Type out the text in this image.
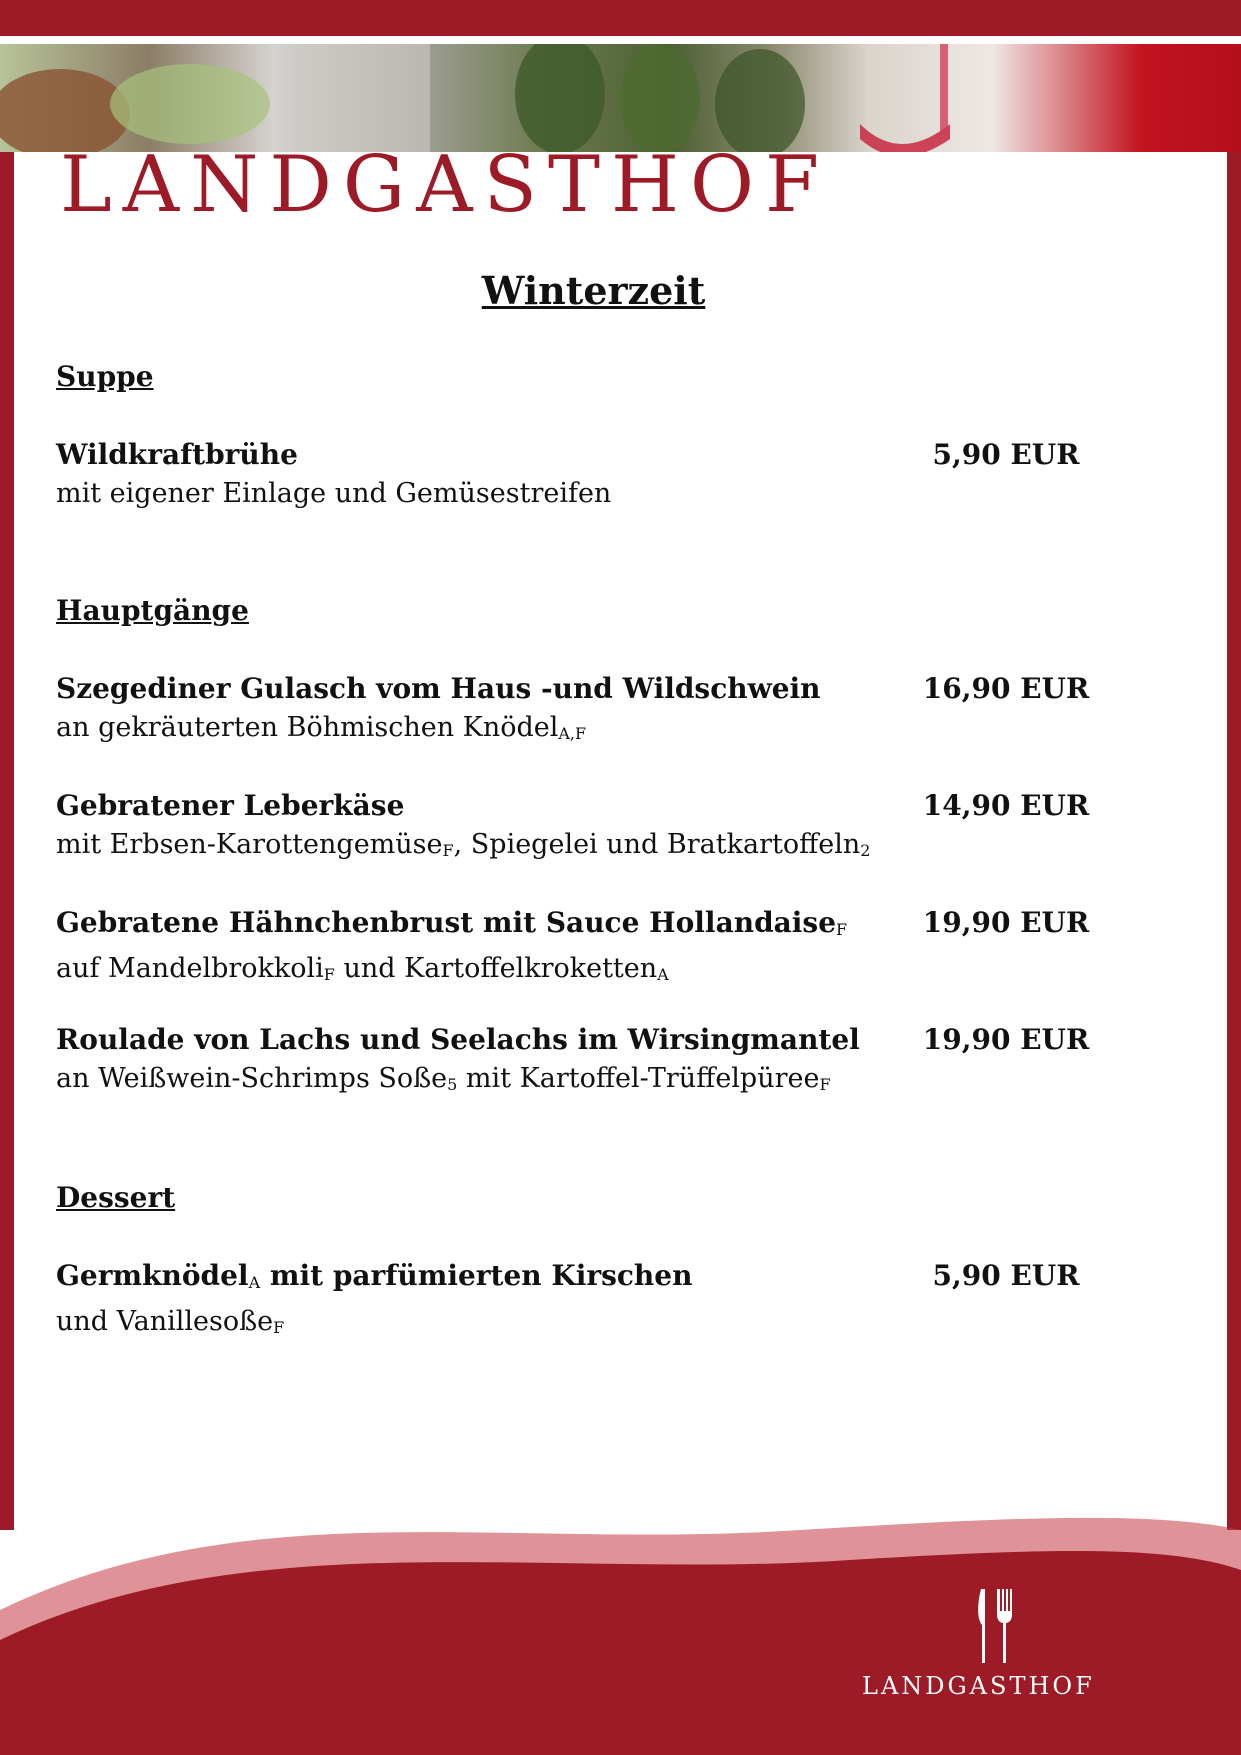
LANDGASTHOF
Winterzeit
Suppe
Wildkraftbrühe
mit eigener Einlage und Gemüsestreifen
5,90 EUR
Hauptgänge
Szegediner Gulasch vom Haus -und Wildschwein
an gekräuterten Böhmischen Knödel$_{A,F}$
16,90 EUR
Gebratener Leberkäse
mit Erbsen-Karottengemüse$_F$, Spiegelei und Bratkartoffeln$_2$
14,90 EUR
Gebratene Hähnchenbrust mit Sauce Hollandaise$_F$
auf Mandelbrokkoli$_F$ und Kartoffelkroketten$_A$
19,90 EUR
Roulade von Lachs und Seelachs im Wirsingmantel
an Weißwein-Schrimps Soße$_5$ mit Kartoffel-Trüffelpüree$_F$
19,90 EUR
Dessert
Germknödel$_A$ mit parfümierten Kirschen
und Vanillesoße$_F$
5,90 EUR
LANDGASTHOF
